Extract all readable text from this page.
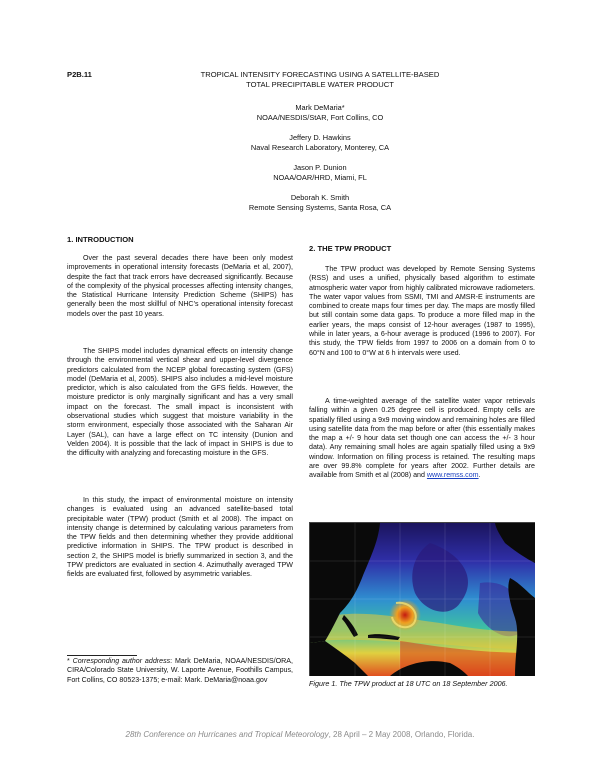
P2B.11	TROPICAL INTENSITY FORECASTING USING A SATELLITE-BASED
TOTAL PRECIPITABLE WATER PRODUCT
Mark DeMaria*
NOAA/NESDIS/StAR, Fort Collins, CO
Jeffery D. Hawkins
Naval Research Laboratory, Monterey, CA
Jason P. Dunion
NOAA/OAR/HRD, Miami, FL
Deborah K. Smith
Remote Sensing Systems, Santa Rosa, CA
1. INTRODUCTION
Over the past several decades there have been only modest improvements in operational intensity forecasts (DeMaria et al, 2007), despite the fact that track errors have decreased significantly. Because of the complexity of the physical processes affecting intensity changes, the Statistical Hurricane Intensity Prediction Scheme (SHIPS) has generally been the most skillful of NHC’s operational intensity forecast models over the past 10 years.
The SHIPS model includes dynamical effects on intensity change through the environmental vertical shear and upper-level divergence predictors calculated from the NCEP global forecasting system (GFS) model (DeMaria et al, 2005). SHIPS also includes a mid-level moisture predictor, which is also calculated from the GFS fields. However, the moisture predictor is only marginally significant and has a very small impact on the forecast. The small impact is inconsistent with observational studies which suggest that moisture variability in the storm environment, especially those associated with the Saharan Air Layer (SAL), can have a large effect on TC intensity (Dunion and Velden 2004). It is possible that the lack of impact in SHIPS is due to the difficulty with analyzing and forecasting moisture in the GFS.
In this study, the impact of environmental moisture on intensity changes is evaluated using an advanced satellite-based total precipitable water (TPW) product (Smith et al 2008). The impact on intensity change is determined by calculating various parameters from the TPW fields and then determining whether they provide additional predictive information in SHIPS. The TPW product is described in section 2, the SHIPS model is briefly summarized in section 3, and the TPW predictors are evaluated in section 4. Azimuthally averaged TPW fields are evaluated first, followed by asymmetric variables.
* Corresponding author address: Mark DeMaria, NOAA/NESDIS/ORA, CIRA/Colorado State University, W. Laporte Avenue, Foothills Campus, Fort Collins, CO 80523-1375; e-mail: Mark. DeMaria@noaa.gov
2. THE TPW PRODUCT
The TPW product was developed by Remote Sensing Systems (RSS) and uses a unified, physically based algorithm to estimate atmospheric water vapor from highly calibrated microwave radiometers. The water vapor values from SSMI, TMI and AMSR-E instruments are combined to create maps four times per day. The maps are mostly filled but still contain some data gaps. To produce a more filled map in the earlier years, the maps consist of 12-hour averages (1987 to 1995), while in later years, a 6-hour average is produced (1996 to 2007). For this study, the TPW fields from 1997 to 2006 on a domain from 0 to 60°N and 100 to 0°W at 6 h intervals were used.
A time-weighted average of the satellite water vapor retrievals falling within a given 0.25 degree cell is produced. Empty cells are spatially filled using a 9x9 moving window and remaining holes are filled using satellite data from the map before or after (this essentially makes the map a +/- 9 hour data set though one can access the +/- 3 hour data). Any remaining small holes are again spatially filled using a 9x9 window. Information on filling process is retained. The resulting maps are over 99.8% complete for years after 2002. Further details are available from Smith et al (2008) and www.remss.com.
Figure 1. The TPW product at 18 UTC on 18 September 2006.
28th Conference on Hurricanes and Tropical Meteorology, 28 April – 2 May 2008, Orlando, Florida.
